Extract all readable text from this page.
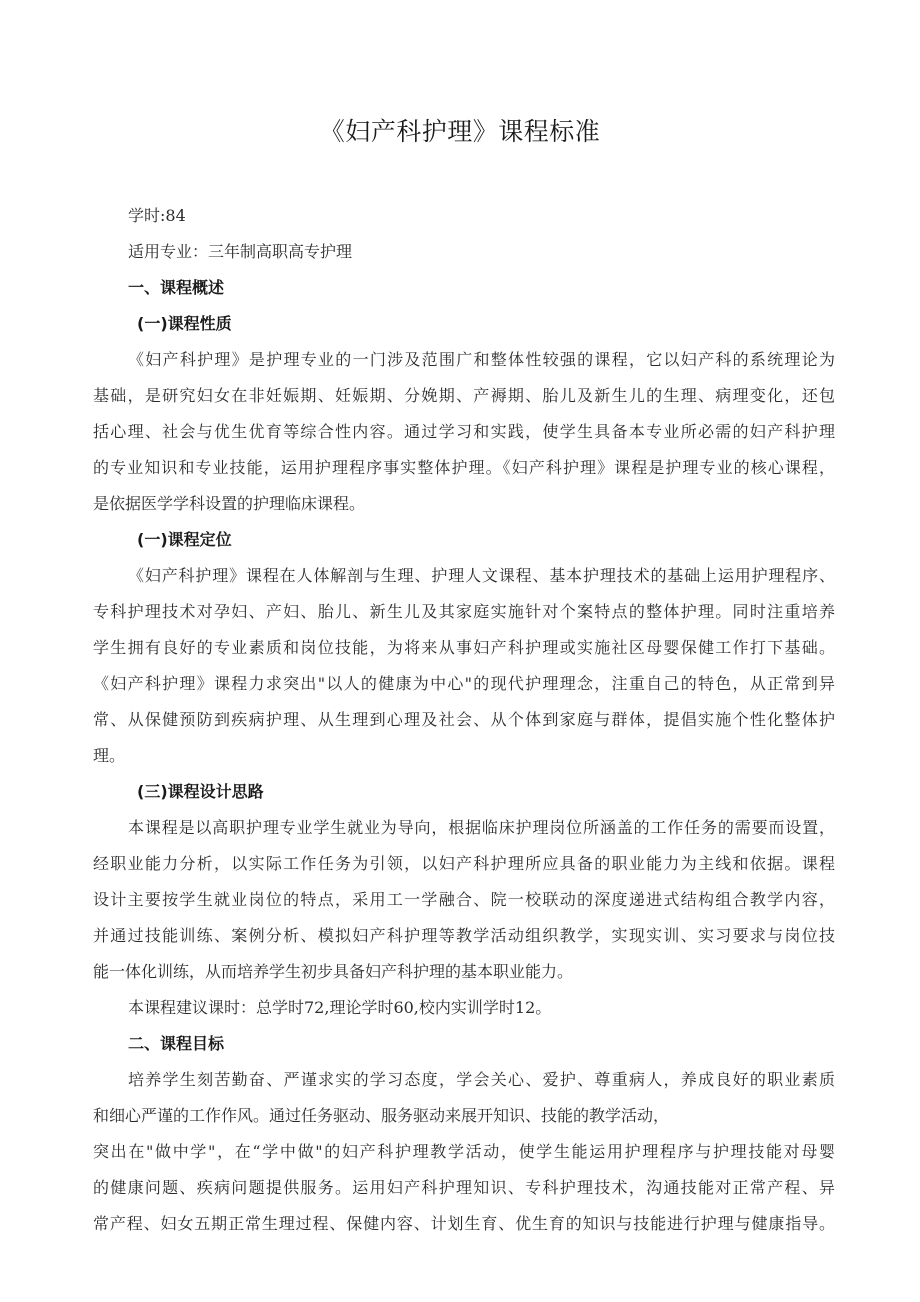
《妇产科护理》课程标准
学时:84
适用专业：三年制高职高专护理
一、课程概述
(一)课程性质
《妇产科护理》是护理专业的一门涉及范围广和整体性较强的课程，它以妇产科的系统理论为
基础，是研究妇女在非妊娠期、妊娠期、分娩期、产褥期、胎儿及新生儿的生理、病理变化，还包
括心理、社会与优生优育等综合性内容。通过学习和实践，使学生具备本专业所必需的妇产科护理
的专业知识和专业技能，运用护理程序事实整体护理。《妇产科护理》课程是护理专业的核心课程，
是依据医学学科设置的护理临床课程。
(一)课程定位
《妇产科护理》课程在人体解剖与生理、护理人文课程、基本护理技术的基础上运用护理程序、
专科护理技术对孕妇、产妇、胎儿、新生儿及其家庭实施针对个案特点的整体护理。同时注重培养
学生拥有良好的专业素质和岗位技能，为将来从事妇产科护理或实施社区母婴保健工作打下基础。
《妇产科护理》课程力求突出"以人的健康为中心"的现代护理理念，注重自己的特色，从正常到异
常、从保健预防到疾病护理、从生理到心理及社会、从个体到家庭与群体，提倡实施个性化整体护
理。
(三)课程设计思路
本课程是以高职护理专业学生就业为导向，根据临床护理岗位所涵盖的工作任务的需要而设置，
经职业能力分析，以实际工作任务为引领，以妇产科护理所应具备的职业能力为主线和依据。课程
设计主要按学生就业岗位的特点，采用工一学融合、院一校联动的深度递进式结构组合教学内容，
并通过技能训练、案例分析、模拟妇产科护理等教学活动组织教学，实现实训、实习要求与岗位技
能一体化训练，从而培养学生初步具备妇产科护理的基本职业能力。
本课程建议课时：总学时72,理论学时60,校内实训学时12。
二、课程目标
培养学生刻苦勤奋、严谨求实的学习态度，学会关心、爱护、尊重病人，养成良好的职业素质
和细心严谨的工作作风。通过任务驱动、服务驱动来展开知识、技能的教学活动，
突出在"做中学"，在“学中做"的妇产科护理教学活动，使学生能运用护理程序与护理技能对母婴
的健康问题、疾病问题提供服务。运用妇产科护理知识、专科护理技术，沟通技能对正常产程、异
常产程、妇女五期正常生理过程、保健内容、计划生育、优生育的知识与技能进行护理与健康指导。
